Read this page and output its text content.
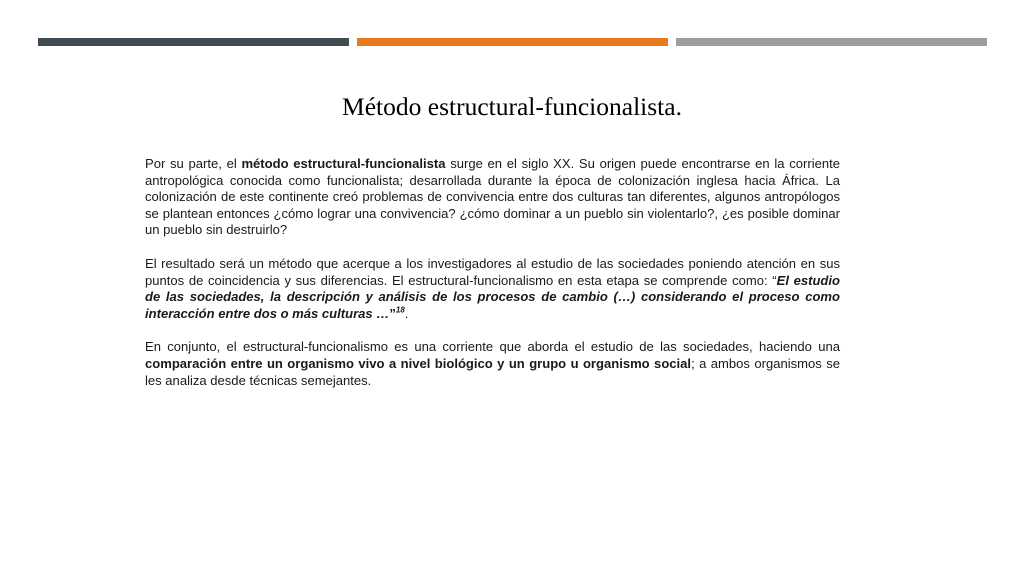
Método estructural-funcionalista.

Por su parte, el método estructural-funcionalista surge en el siglo XX. Su origen puede encontrarse en la corriente antropológica conocida como funcionalista; desarrollada durante la época de colonización inglesa hacia África. La colonización de este continente creó problemas de convivencia entre dos culturas tan diferentes, algunos antropólogos se plantean entonces ¿cómo lograr una convivencia? ¿cómo dominar a un pueblo sin violentarlo?, ¿es posible dominar un pueblo sin destruirlo?

El resultado será un método que acerque a los investigadores al estudio de las sociedades poniendo atención en sus puntos de coincidencia y sus diferencias. El estructural-funcionalismo en esta etapa se comprende como: “El estudio de las sociedades, la descripción y análisis de los procesos de cambio (…) considerando el proceso como interacción entre dos o más culturas …”$^{18}$.

En conjunto, el estructural-funcionalismo es una corriente que aborda el estudio de las sociedades, haciendo una comparación entre un organismo vivo a nivel biológico y un grupo u organismo social; a ambos organismos se les analiza desde técnicas semejantes.
